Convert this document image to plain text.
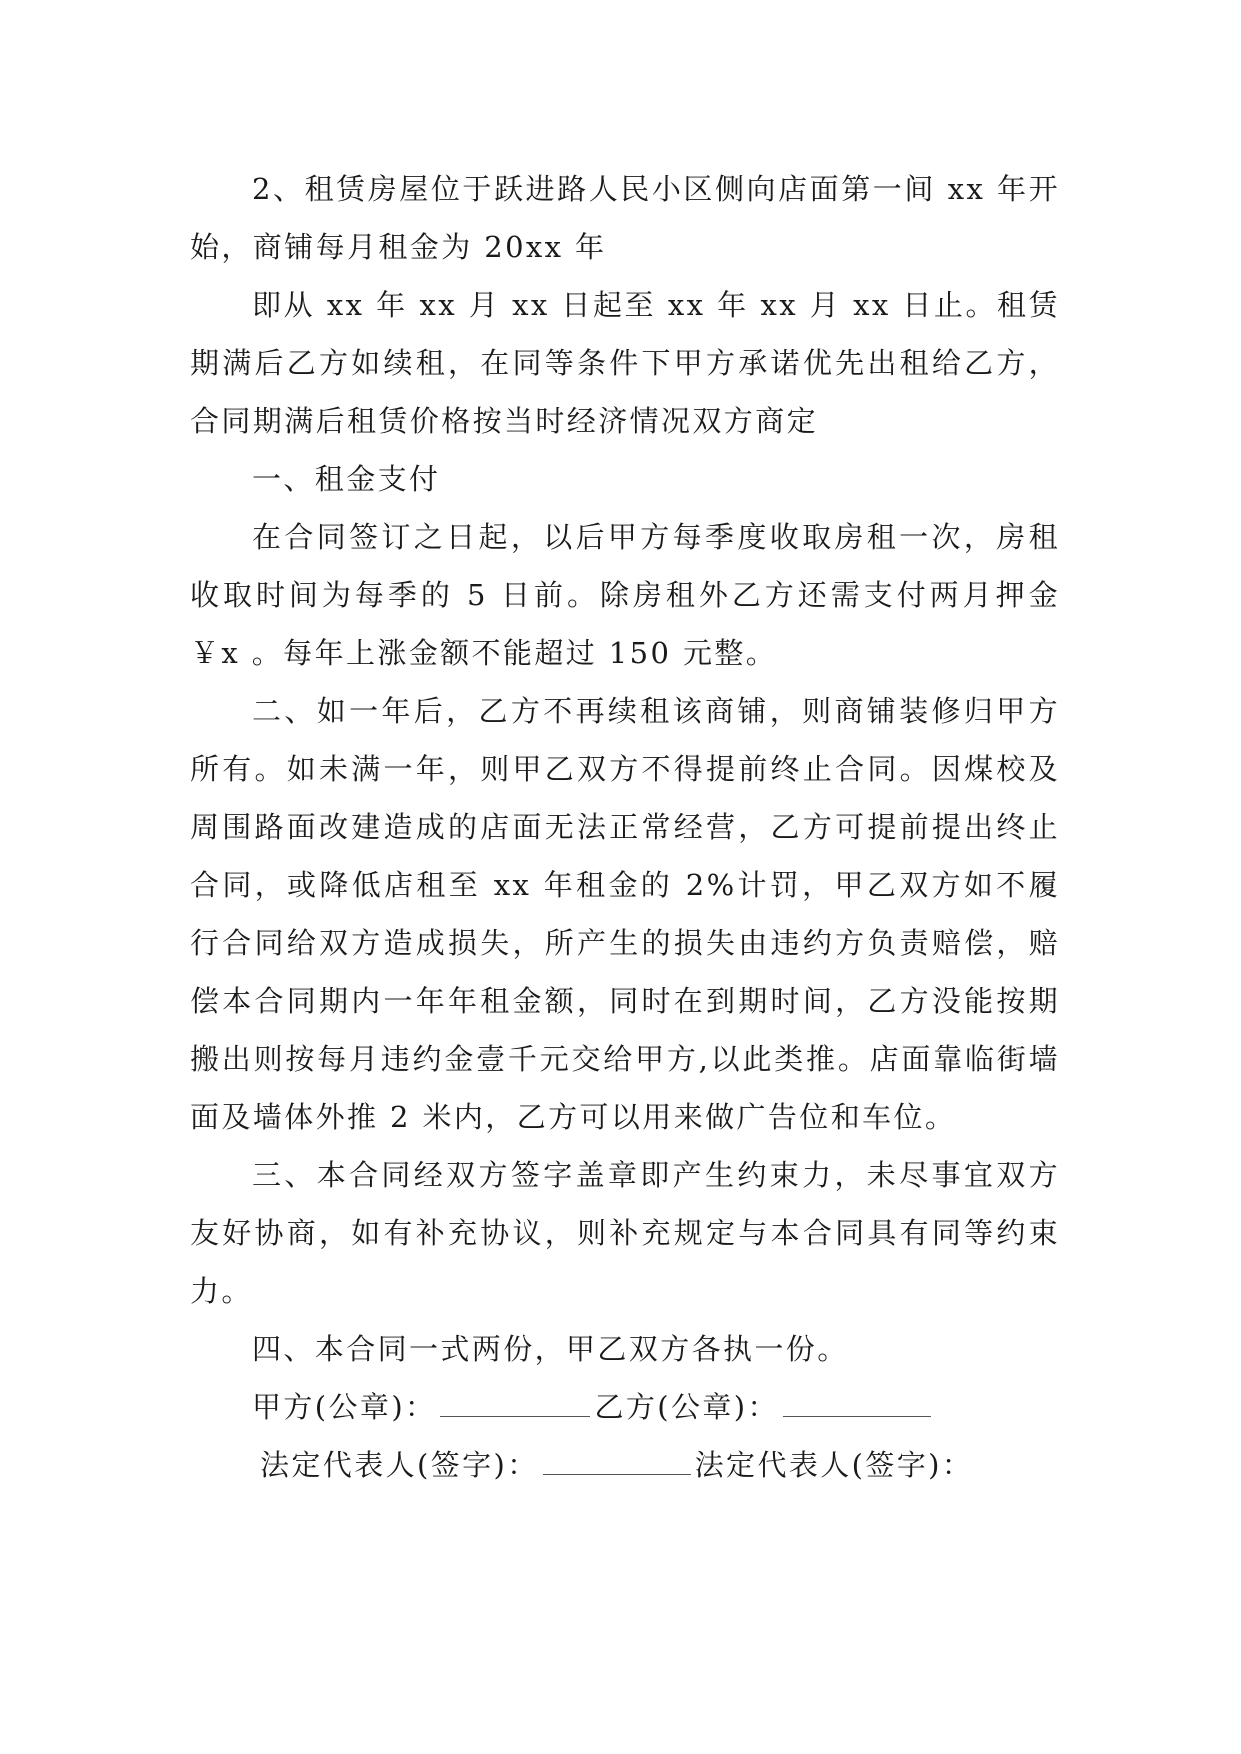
2、租赁房屋位于跃进路人民小区侧向店面第一间 xx 年开始，商铺每月租金为 20xx 年

即从 xx 年 xx 月 xx 日起至 xx 年 xx 月 xx 日止。租赁期满后乙方如续租，在同等条件下甲方承诺优先出租给乙方，合同期满后租赁价格按当时经济情况双方商定

一、租金支付

在合同签订之日起，以后甲方每季度收取房租一次，房租收取时间为每季的 5 日前。除房租外乙方还需支付两月押金￥x 。每年上涨金额不能超过 150 元整。

二、如一年后，乙方不再续租该商铺，则商铺装修归甲方所有。如未满一年，则甲乙双方不得提前终止合同。因煤校及周围路面改建造成的店面无法正常经营，乙方可提前提出终止合同，或降低店租至 xx 年租金的 2%计罚，甲乙双方如不履行合同给双方造成损失，所产生的损失由违约方负责赔偿，赔偿本合同期内一年年租金额，同时在到期时间，乙方没能按期搬出则按每月违约金壹千元交给甲方,以此类推。店面靠临街墙面及墙体外推 2 米内，乙方可以用来做广告位和车位。

三、本合同经双方签字盖章即产生约束力，未尽事宜双方友好协商，如有补充协议，则补充规定与本合同具有同等约束力。

四、本合同一式两份，甲乙双方各执一份。

甲方(公章)：	乙方(公章)：

法定代表人(签字)：	法定代表人(签字)：
